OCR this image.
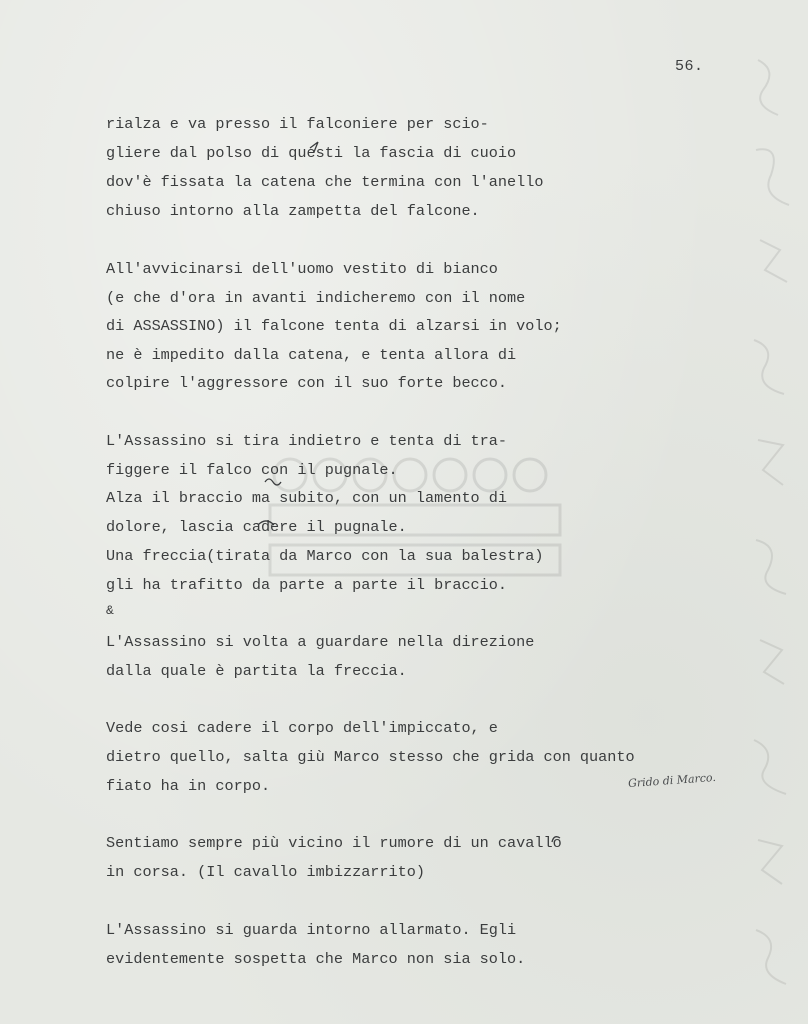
56.
rialza e va presso il falconiere per scio-
gliere dal polso di questi la fascia di cuoio
dov'è fissata la catena che termina con l'anello
chiuso intorno alla zampetta del falcone.
All'avvicinarsi dell'uomo vestito di bianco
(e che d'ora in avanti indicheremo con il nome
di ASSASSINO) il falcone tenta di alzarsi in volo;
ne è impedito dalla catena, e tenta allora di
colpire l'aggressore con il suo forte becco.
L'Assassino si tira indietro e tenta di tra-
figgere il falco con il pugnale.
Alza il braccio ma subito, con un lamento di
dolore, lascia cadere il pugnale.
Una freccia(tirata da Marco con la sua balestra)
gli ha trafitto da parte a parte il braccio.
&
L'Assassino si volta a guardare nella direzione
dalla quale è partita la freccia.
Vede cosi cadere il corpo dell'impiccato, e
dietro quello, salta giù Marco stesso che grida con quanto
fiato ha in corpo.	Grido di Marco.
Sentiamo sempre più vicino il rumore di un cavallo
in corsa. (Il cavallo imbizzarrito)
L'Assassino si guarda intorno allarmato. Egli
evidentemente sospetta che Marco non sia solo.
